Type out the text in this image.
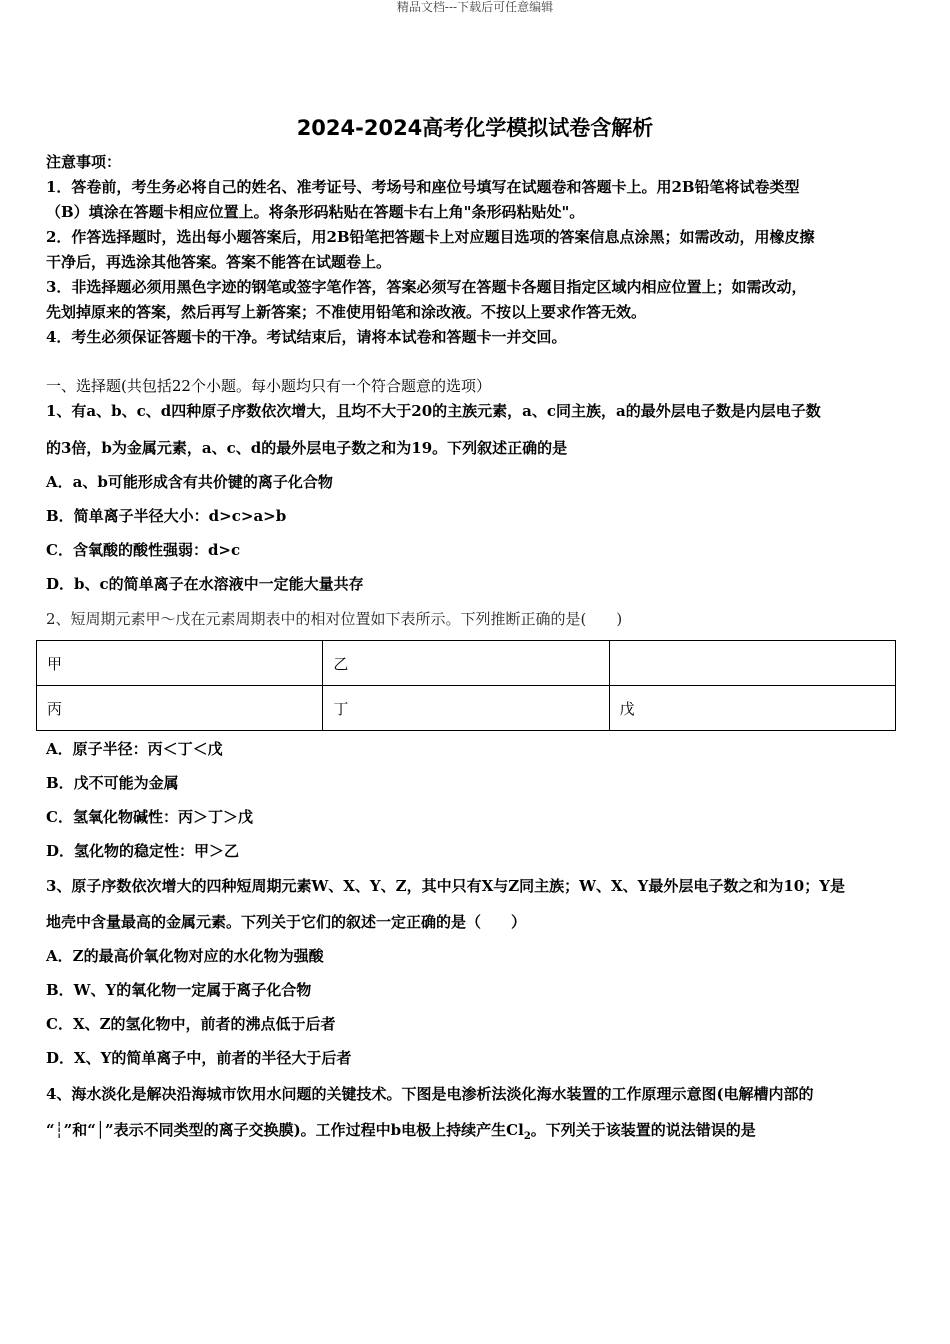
精品文档---下载后可任意编辑
2024-2024高考化学模拟试卷含解析
注意事项：
1．答卷前，考生务必将自己的姓名、准考证号、考场号和座位号填写在试题卷和答题卡上。用2B铅笔将试卷类型
（B）填涂在答题卡相应位置上。将条形码粘贴在答题卡右上角"条形码粘贴处"。
2．作答选择题时，选出每小题答案后，用2B铅笔把答题卡上对应题目选项的答案信息点涂黑；如需改动，用橡皮擦
干净后，再选涂其他答案。答案不能答在试题卷上。
3．非选择题必须用黑色字迹的钢笔或签字笔作答，答案必须写在答题卡各题目指定区域内相应位置上；如需改动，
先划掉原来的答案，然后再写上新答案；不准使用铅笔和涂改液。不按以上要求作答无效。
4．考生必须保证答题卡的干净。考试结束后，请将本试卷和答题卡一并交回。
一、选择题(共包括22个小题。每小题均只有一个符合题意的选项）
1、有a、b、c、d四种原子序数依次增大，且均不大于20的主族元素，a、c同主族，a的最外层电子数是内层电子数
的3倍，b为金属元素，a、c、d的最外层电子数之和为19。下列叙述正确的是
A．a、b可能形成含有共价键的离子化合物
B．简单离子半径大小：d>c>a>b
C．含氧酸的酸性强弱：d>c
D．b、c的简单离子在水溶液中一定能大量共存
2、短周期元素甲～戊在元素周期表中的相对位置如下表所示。下列推断正确的是(　　)
甲	乙	
丙	丁	戊
A．原子半径：丙＜丁＜戊
B．戊不可能为金属
C．氢氧化物碱性：丙＞丁＞戊
D．氢化物的稳定性：甲＞乙
3、原子序数依次增大的四种短周期元素W、X、Y、Z，其中只有X与Z同主族；W、X、Y最外层电子数之和为10；Y是
地壳中含量最高的金属元素。下列关于它们的叙述一定正确的是（　　）
A．Z的最高价氧化物对应的水化物为强酸
B．W、Y的氧化物一定属于离子化合物
C．X、Z的氢化物中，前者的沸点低于后者
D．X、Y的简单离子中，前者的半径大于后者
4、海水淡化是解决沿海城市饮用水问题的关键技术。下图是电渗析法淡化海水装置的工作原理示意图(电解槽内部的
“┆”和“│”表示不同类型的离子交换膜)。工作过程中b电极上持续产生$Cl_2$。下列关于该装置的说法错误的是
